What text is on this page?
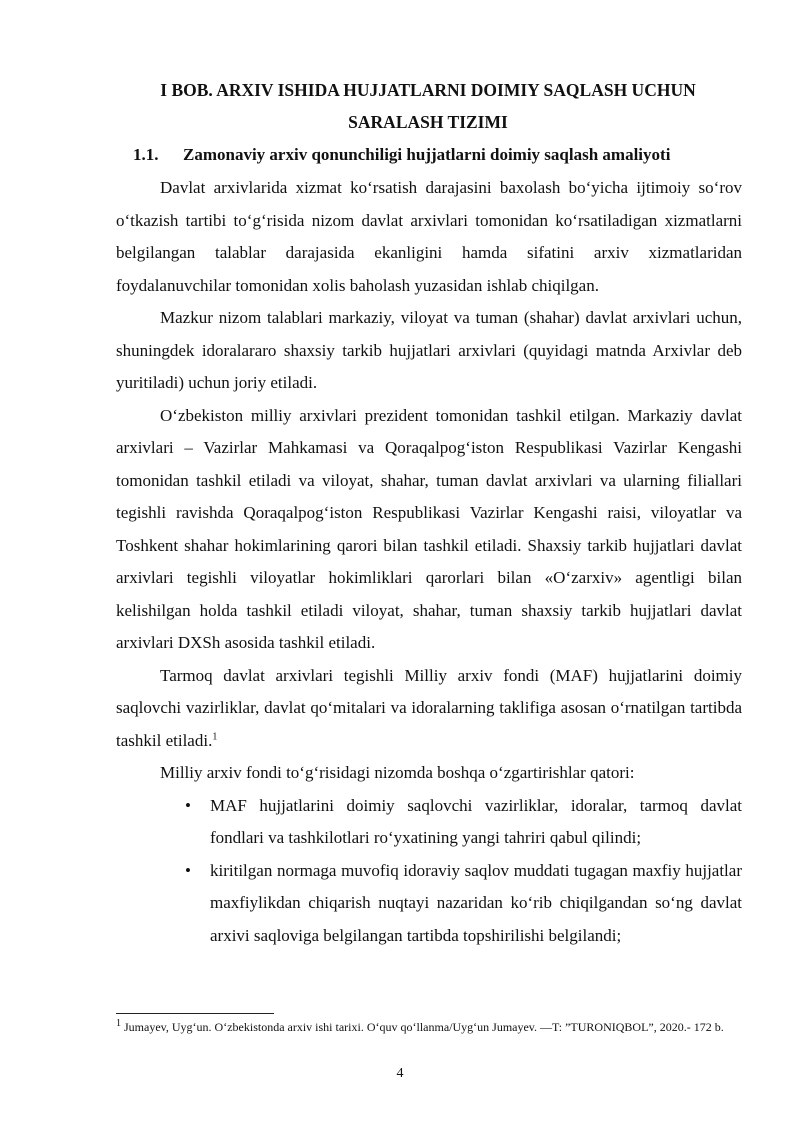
I BOB. ARXIV ISHIDA HUJJATLARNI DOIMIY SAQLASH UCHUN SARALASH TIZIMI
1.1. Zamonaviy arxiv qonunchiligi hujjatlarni doimiy saqlash amaliyoti

Davlat arxivlarida xizmat ko‘rsatish darajasini baxolash bo‘yicha ijtimoiy so‘rov o‘tkazish tartibi to‘g‘risida nizom davlat arxivlari tomonidan ko‘rsatiladigan xizmatlarni belgilangan talablar darajasida ekanligini hamda sifatini arxiv xizmatlaridan foydalanuvchilar tomonidan xolis baholash yuzasidan ishlab chiqilgan.

Mazkur nizom talablari markaziy, viloyat va tuman (shahar) davlat arxivlari uchun, shuningdek idoralararo shaxsiy tarkib hujjatlari arxivlari (quyidagi matnda Arxivlar deb yuritiladi) uchun joriy etiladi.

O‘zbekiston milliy arxivlari prezident tomonidan tashkil etilgan. Markaziy davlat arxivlari – Vazirlar Mahkamasi va Qoraqalpog‘iston Respublikasi Vazirlar Kengashi tomonidan tashkil etiladi va viloyat, shahar, tuman davlat arxivlari va ularning filiallari tegishli ravishda Qoraqalpog‘iston Respublikasi Vazirlar Kengashi raisi, viloyatlar va Toshkent shahar hokimlarining qarori bilan tashkil etiladi. Shaxsiy tarkib hujjatlari davlat arxivlari tegishli viloyatlar hokimliklari qarorlari bilan «O‘zarxiv» agentligi bilan kelishilgan holda tashkil etiladi viloyat, shahar, tuman shaxsiy tarkib hujjatlari davlat arxivlari DXSh asosida tashkil etiladi.

Tarmoq davlat arxivlari tegishli Milliy arxiv fondi (MAF) hujjatlarini doimiy saqlovchi vazirliklar, davlat qo‘mitalari va idoralarning taklifiga asosan o‘rnatilgan tartibda tashkil etiladi.$^1$

Milliy arxiv fondi to‘g‘risidagi nizomda boshqa o‘zgartirishlar qatori:

• MAF hujjatlarini doimiy saqlovchi vazirliklar, idoralar, tarmoq davlat fondlari va tashkilotlari ro‘yxatining yangi tahriri qabul qilindi;
• kiritilgan normaga muvofiq idoraviy saqlov muddati tugagan maxfiy hujjatlar maxfiylikdan chiqarish nuqtayi nazaridan ko‘rib chiqilgandan so‘ng davlat arxivi saqloviga belgilangan tartibda topshirilishi belgilandi;
$^1$ Jumayev, Uyg‘un. O‘zbekistonda arxiv ishi tarixi. O‘quv qo‘llanma/Uyg‘un Jumayev. —T: ”TURONIQBOL”, 2020.- 172 b.
4
